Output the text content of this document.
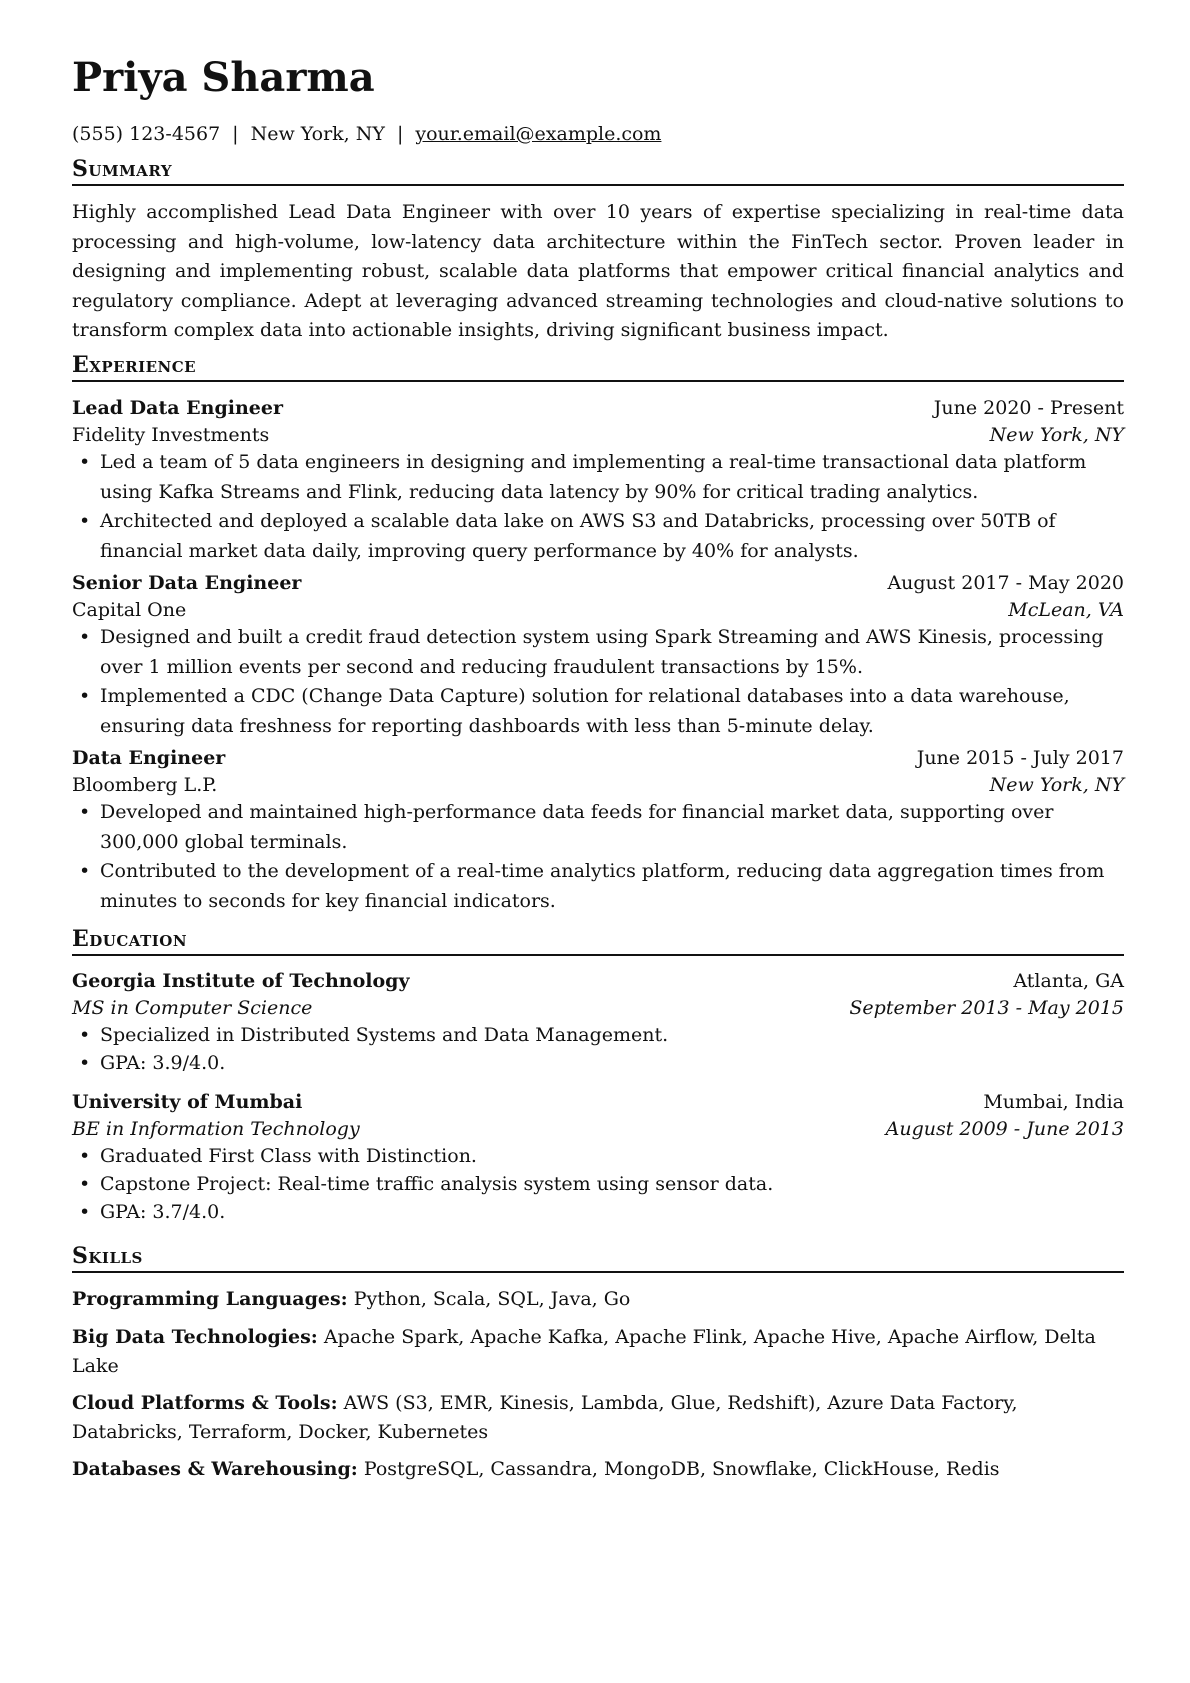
Priya Sharma
(555) 123-4567 | New York, NY | your.email@example.com
Summary
Highly accomplished Lead Data Engineer with over 10 years of expertise specializing in real-time data processing and high-volume, low-latency data architecture within the FinTech sector. Proven leader in designing and implementing robust, scalable data platforms that empower critical financial analytics and regulatory compliance. Adept at leveraging advanced streaming technologies and cloud-native solutions to transform complex data into actionable insights, driving significant business impact.
Experience
Lead Data Engineer	June 2020 - Present
Fidelity Investments	New York, NY
• Led a team of 5 data engineers in designing and implementing a real-time transactional data platform using Kafka Streams and Flink, reducing data latency by 90% for critical trading analytics.
• Architected and deployed a scalable data lake on AWS S3 and Databricks, processing over 50TB of financial market data daily, improving query performance by 40% for analysts.
Senior Data Engineer	August 2017 - May 2020
Capital One	McLean, VA
• Designed and built a credit fraud detection system using Spark Streaming and AWS Kinesis, processing over 1 million events per second and reducing fraudulent transactions by 15%.
• Implemented a CDC (Change Data Capture) solution for relational databases into a data warehouse, ensuring data freshness for reporting dashboards with less than 5-minute delay.
Data Engineer	June 2015 - July 2017
Bloomberg L.P.	New York, NY
• Developed and maintained high-performance data feeds for financial market data, supporting over 300,000 global terminals.
• Contributed to the development of a real-time analytics platform, reducing data aggregation times from minutes to seconds for key financial indicators.
Education
Georgia Institute of Technology	Atlanta, GA
MS in Computer Science	September 2013 - May 2015
• Specialized in Distributed Systems and Data Management.
• GPA: 3.9/4.0.
University of Mumbai	Mumbai, India
BE in Information Technology	August 2009 - June 2013
• Graduated First Class with Distinction.
• Capstone Project: Real-time traffic analysis system using sensor data.
• GPA: 3.7/4.0.
Skills
Programming Languages: Python, Scala, SQL, Java, Go
Big Data Technologies: Apache Spark, Apache Kafka, Apache Flink, Apache Hive, Apache Airflow, Delta Lake
Cloud Platforms & Tools: AWS (S3, EMR, Kinesis, Lambda, Glue, Redshift), Azure Data Factory, Databricks, Terraform, Docker, Kubernetes
Databases & Warehousing: PostgreSQL, Cassandra, MongoDB, Snowflake, ClickHouse, Redis
